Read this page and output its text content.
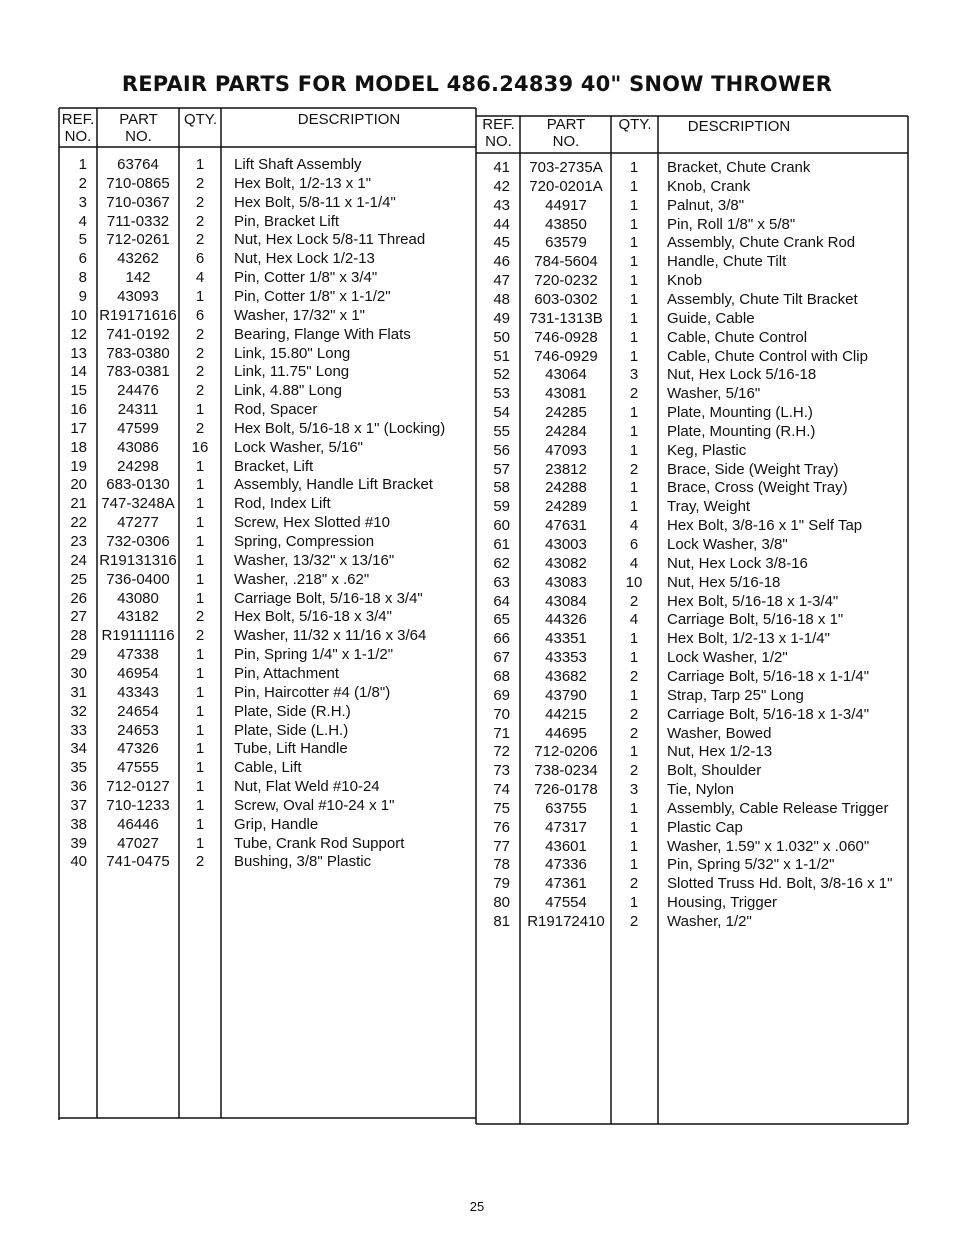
REPAIR PARTS FOR MODEL 486.24839 40" SNOW THROWER
REF.
NO.
PART
NO.
QTY.	DESCRIPTION	REF.
NO.
PART
NO.
QTY.	DESCRIPTION
1	63764	1	Lift Shaft Assembly
2	710-0865	2	Hex Bolt, 1/2-13 x 1"
3	710-0367	2	Hex Bolt, 5/8-11 x 1-1/4"
4	711-0332	2	Pin, Bracket Lift
5	712-0261	2	Nut, Hex Lock 5/8-11 Thread
6	43262	6	Nut, Hex Lock 1/2-13
8	142	4	Pin, Cotter 1/8" x 3/4"
9	43093	1	Pin, Cotter 1/8" x 1-1/2"
10 R19171616	6	Washer, 17/32" x 1"
12	741-0192	2	Bearing, Flange With Flats
13	783-0380	2	Link, 15.80" Long
14	783-0381	2	Link, 11.75" Long
15	24476	2	Link, 4.88" Long
16	24311	1	Rod, Spacer
17	47599	2	Hex Bolt, 5/16-18 x 1" (Locking)
18	43086	16	Lock Washer, 5/16"
19	24298	1	Bracket, Lift
20	683-0130	1	Assembly, Handle Lift Bracket
21 747-3248A	1	Rod, Index Lift
22	47277	1	Screw, Hex Slotted #10
23	732-0306	1	Spring, Compression
24 R19131316	1	Washer, 13/32" x 13/16"
25	736-0400	1	Washer, .218" x .62"
26	43080	1	Carriage Bolt, 5/16-18 x 3/4"
27	43182	2	Hex Bolt, 5/16-18 x 3/4"
28 R19111116	2	Washer, 11/32 x 11/16 x 3/64
29	47338	1	Pin, Spring 1/4" x 1-1/2"
30	46954	1	Pin, Attachment
31	43343	1	Pin, Haircotter #4 (1/8")
32	24654	1	Plate, Side (R.H.)
33	24653	1	Plate, Side (L.H.)
34	47326	1	Tube, Lift Handle
35	47555	1	Cable, Lift
36	712-0127	1	Nut, Flat Weld #10-24
37	710-1233	1	Screw, Oval #10-24 x 1"
38	46446	1	Grip, Handle
39	47027	1	Tube, Crank Rod Support
40	741-0475	2	Bushing, 3/8" Plastic
41	703-2735A	1	Bracket, Chute Crank
42	720-0201A	1	Knob, Crank
43	44917	1	Palnut, 3/8"
44	43850	1	Pin, Roll 1/8" x 5/8"
45	63579	1	Assembly, Chute Crank Rod
46	784-5604	1	Handle, Chute Tilt
47	720-0232	1	Knob
48	603-0302	1	Assembly, Chute Tilt Bracket
49	731-1313B	1	Guide, Cable
50	746-0928	1	Cable, Chute Control
51	746-0929	1	Cable, Chute Control with Clip
52	43064	3	Nut, Hex Lock 5/16-18
53	43081	2	Washer, 5/16"
54	24285	1	Plate, Mounting (L.H.)
55	24284	1	Plate, Mounting (R.H.)
56	47093	1	Keg, Plastic
57	23812	2	Brace, Side (Weight Tray)
58	24288	1	Brace, Cross (Weight Tray)
59	24289	1	Tray, Weight
60	47631	4	Hex Bolt, 3/8-16 x 1" Self Tap
61	43003	6	Lock Washer, 3/8"
62	43082	4	Nut, Hex Lock 3/8-16
63	43083	10	Nut, Hex 5/16-18
64	43084	2	Hex Bolt, 5/16-18 x 1-3/4"
65	44326	4	Carriage Bolt, 5/16-18 x 1"
66	43351	1	Hex Bolt, 1/2-13 x 1-1/4"
67	43353	1	Lock Washer, 1/2"
68	43682	2	Carriage Bolt, 5/16-18 x 1-1/4"
69	43790	1	Strap, Tarp 25" Long
70	44215	2	Carriage Bolt, 5/16-18 x 1-3/4"
71	44695	2	Washer, Bowed
72	712-0206	1	Nut, Hex 1/2-13
73	738-0234	2	Bolt, Shoulder
74	726-0178	3	Tie, Nylon
75	63755	1	Assembly, Cable Release Trigger
76	47317	1	Plastic Cap
77	43601	1	Washer, 1.59" x 1.032" x .060"
78	47336	1	Pin, Spring 5/32" x 1-1/2"
79	47361	2	Slotted Truss Hd. Bolt, 3/8-16 x 1"
80	47554	1	Housing, Trigger
81	R19172410	2	Washer, 1/2"
25
